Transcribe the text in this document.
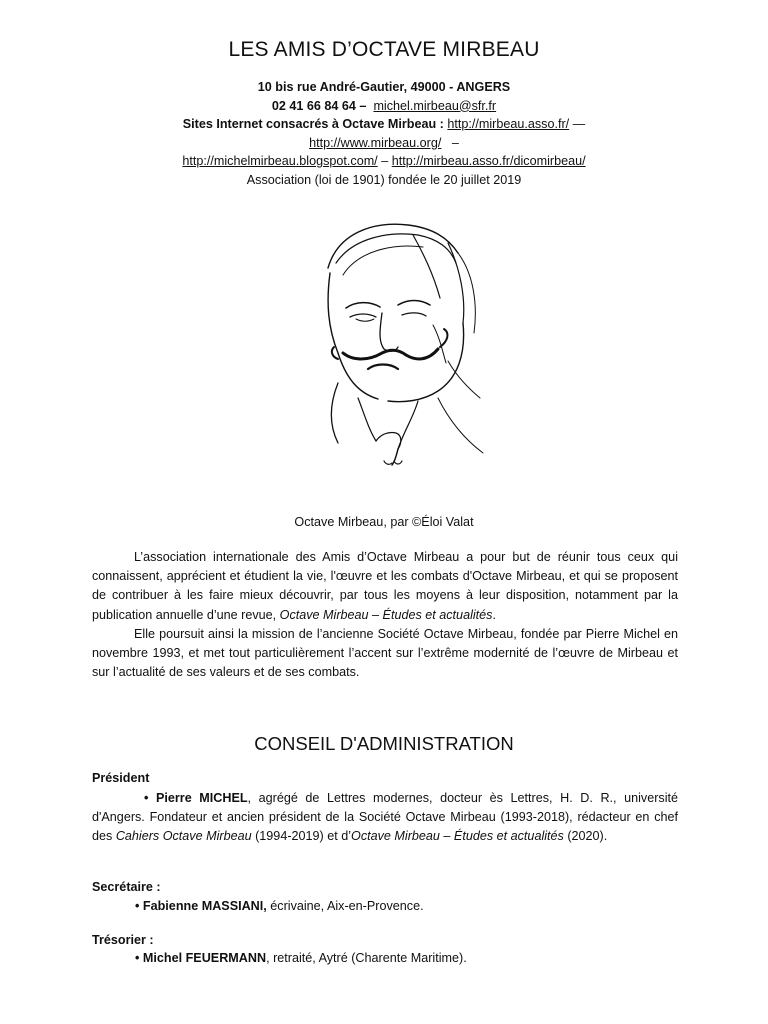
LES AMIS D’OCTAVE MIRBEAU
10 bis rue André-Gautier, 49000 - ANGERS
02 41 66 84 64 – michel.mirbeau@sfr.fr
Sites Internet consacrés à Octave Mirbeau : http://mirbeau.asso.fr/ —
http://www.mirbeau.org/ –
http://michelmirbeau.blogspot.com/ – http://mirbeau.asso.fr/dicomirbeau/
Association (loi de 1901) fondée le 20 juillet 2019
Octave Mirbeau, par ©Éloi Valat
L’association internationale des Amis d’Octave Mirbeau a pour but de réunir tous ceux qui connaissent, apprécient et étudient la vie, l'œuvre et les combats d'Octave Mirbeau, et qui se proposent de contribuer à les faire mieux découvrir, par tous les moyens à leur disposition, notamment par la publication annuelle d’une revue, Octave Mirbeau – Études et actualités.
Elle poursuit ainsi la mission de l’ancienne Société Octave Mirbeau, fondée par Pierre Michel en novembre 1993, et met tout particulièrement l’accent sur l’extrême modernité de l’œuvre de Mirbeau et sur l’actualité de ses valeurs et de ses combats.
CONSEIL D'ADMINISTRATION
Président
• Pierre MICHEL, agrégé de Lettres modernes, docteur ès Lettres, H. D. R., université d'Angers. Fondateur et ancien président de la Société Octave Mirbeau (1993-2018), rédacteur en chef des Cahiers Octave Mirbeau (1994-2019) et d’Octave Mirbeau – Études et actualités (2020).
Secrétaire :
• Fabienne MASSIANI, écrivaine, Aix-en-Provence.
Trésorier :
• Michel FEUERMANN, retraité, Aytré (Charente Maritime).
